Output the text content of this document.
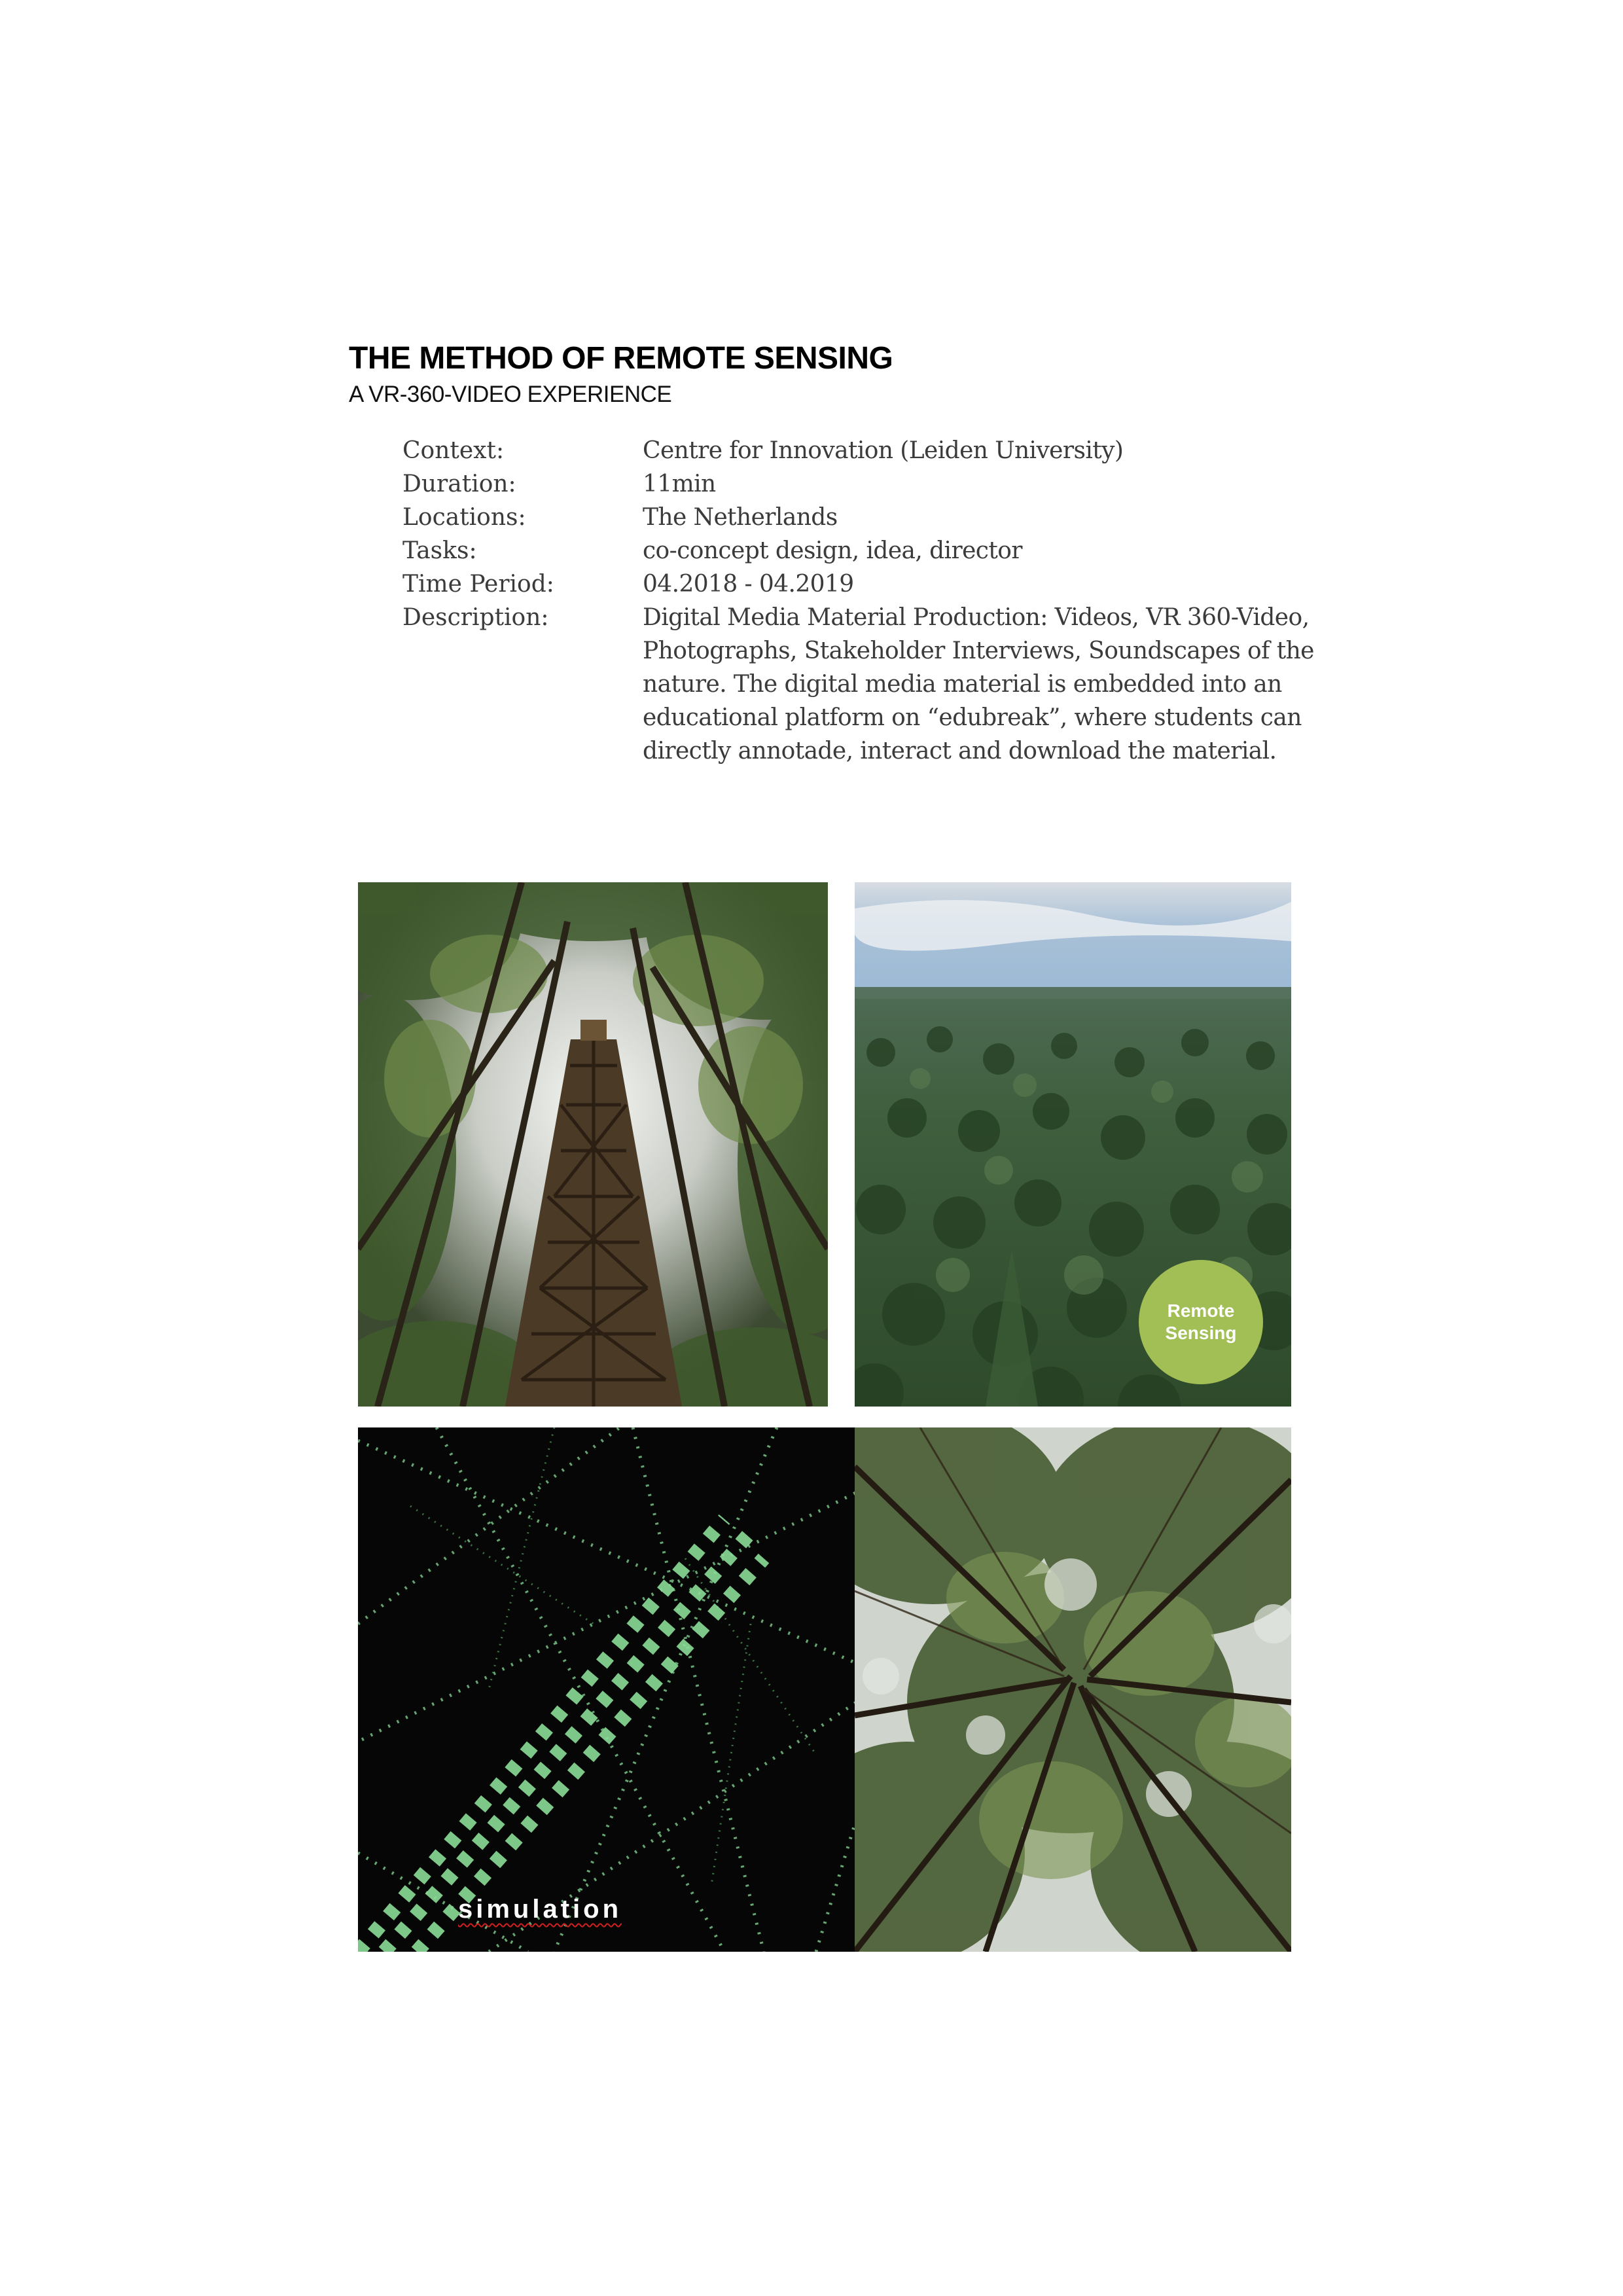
THE METHOD OF REMOTE SENSING

A VR-360-VIDEO EXPERIENCE

Context:	Centre for Innovation (Leiden University)
Duration:	11min
Locations:	The Netherlands
Tasks:	co-concept design, idea, director
Time Period:	04.2018 - 04.2019
Description:	Digital Media Material Production: Videos, VR 360-Video,
Photographs, Stakeholder Interviews, Soundscapes of the
nature. The digital media material is embedded into an
educational platform on “edubreak”, where students can
directly annotade, interact and download the material.
Remote
Sensing
simulation
